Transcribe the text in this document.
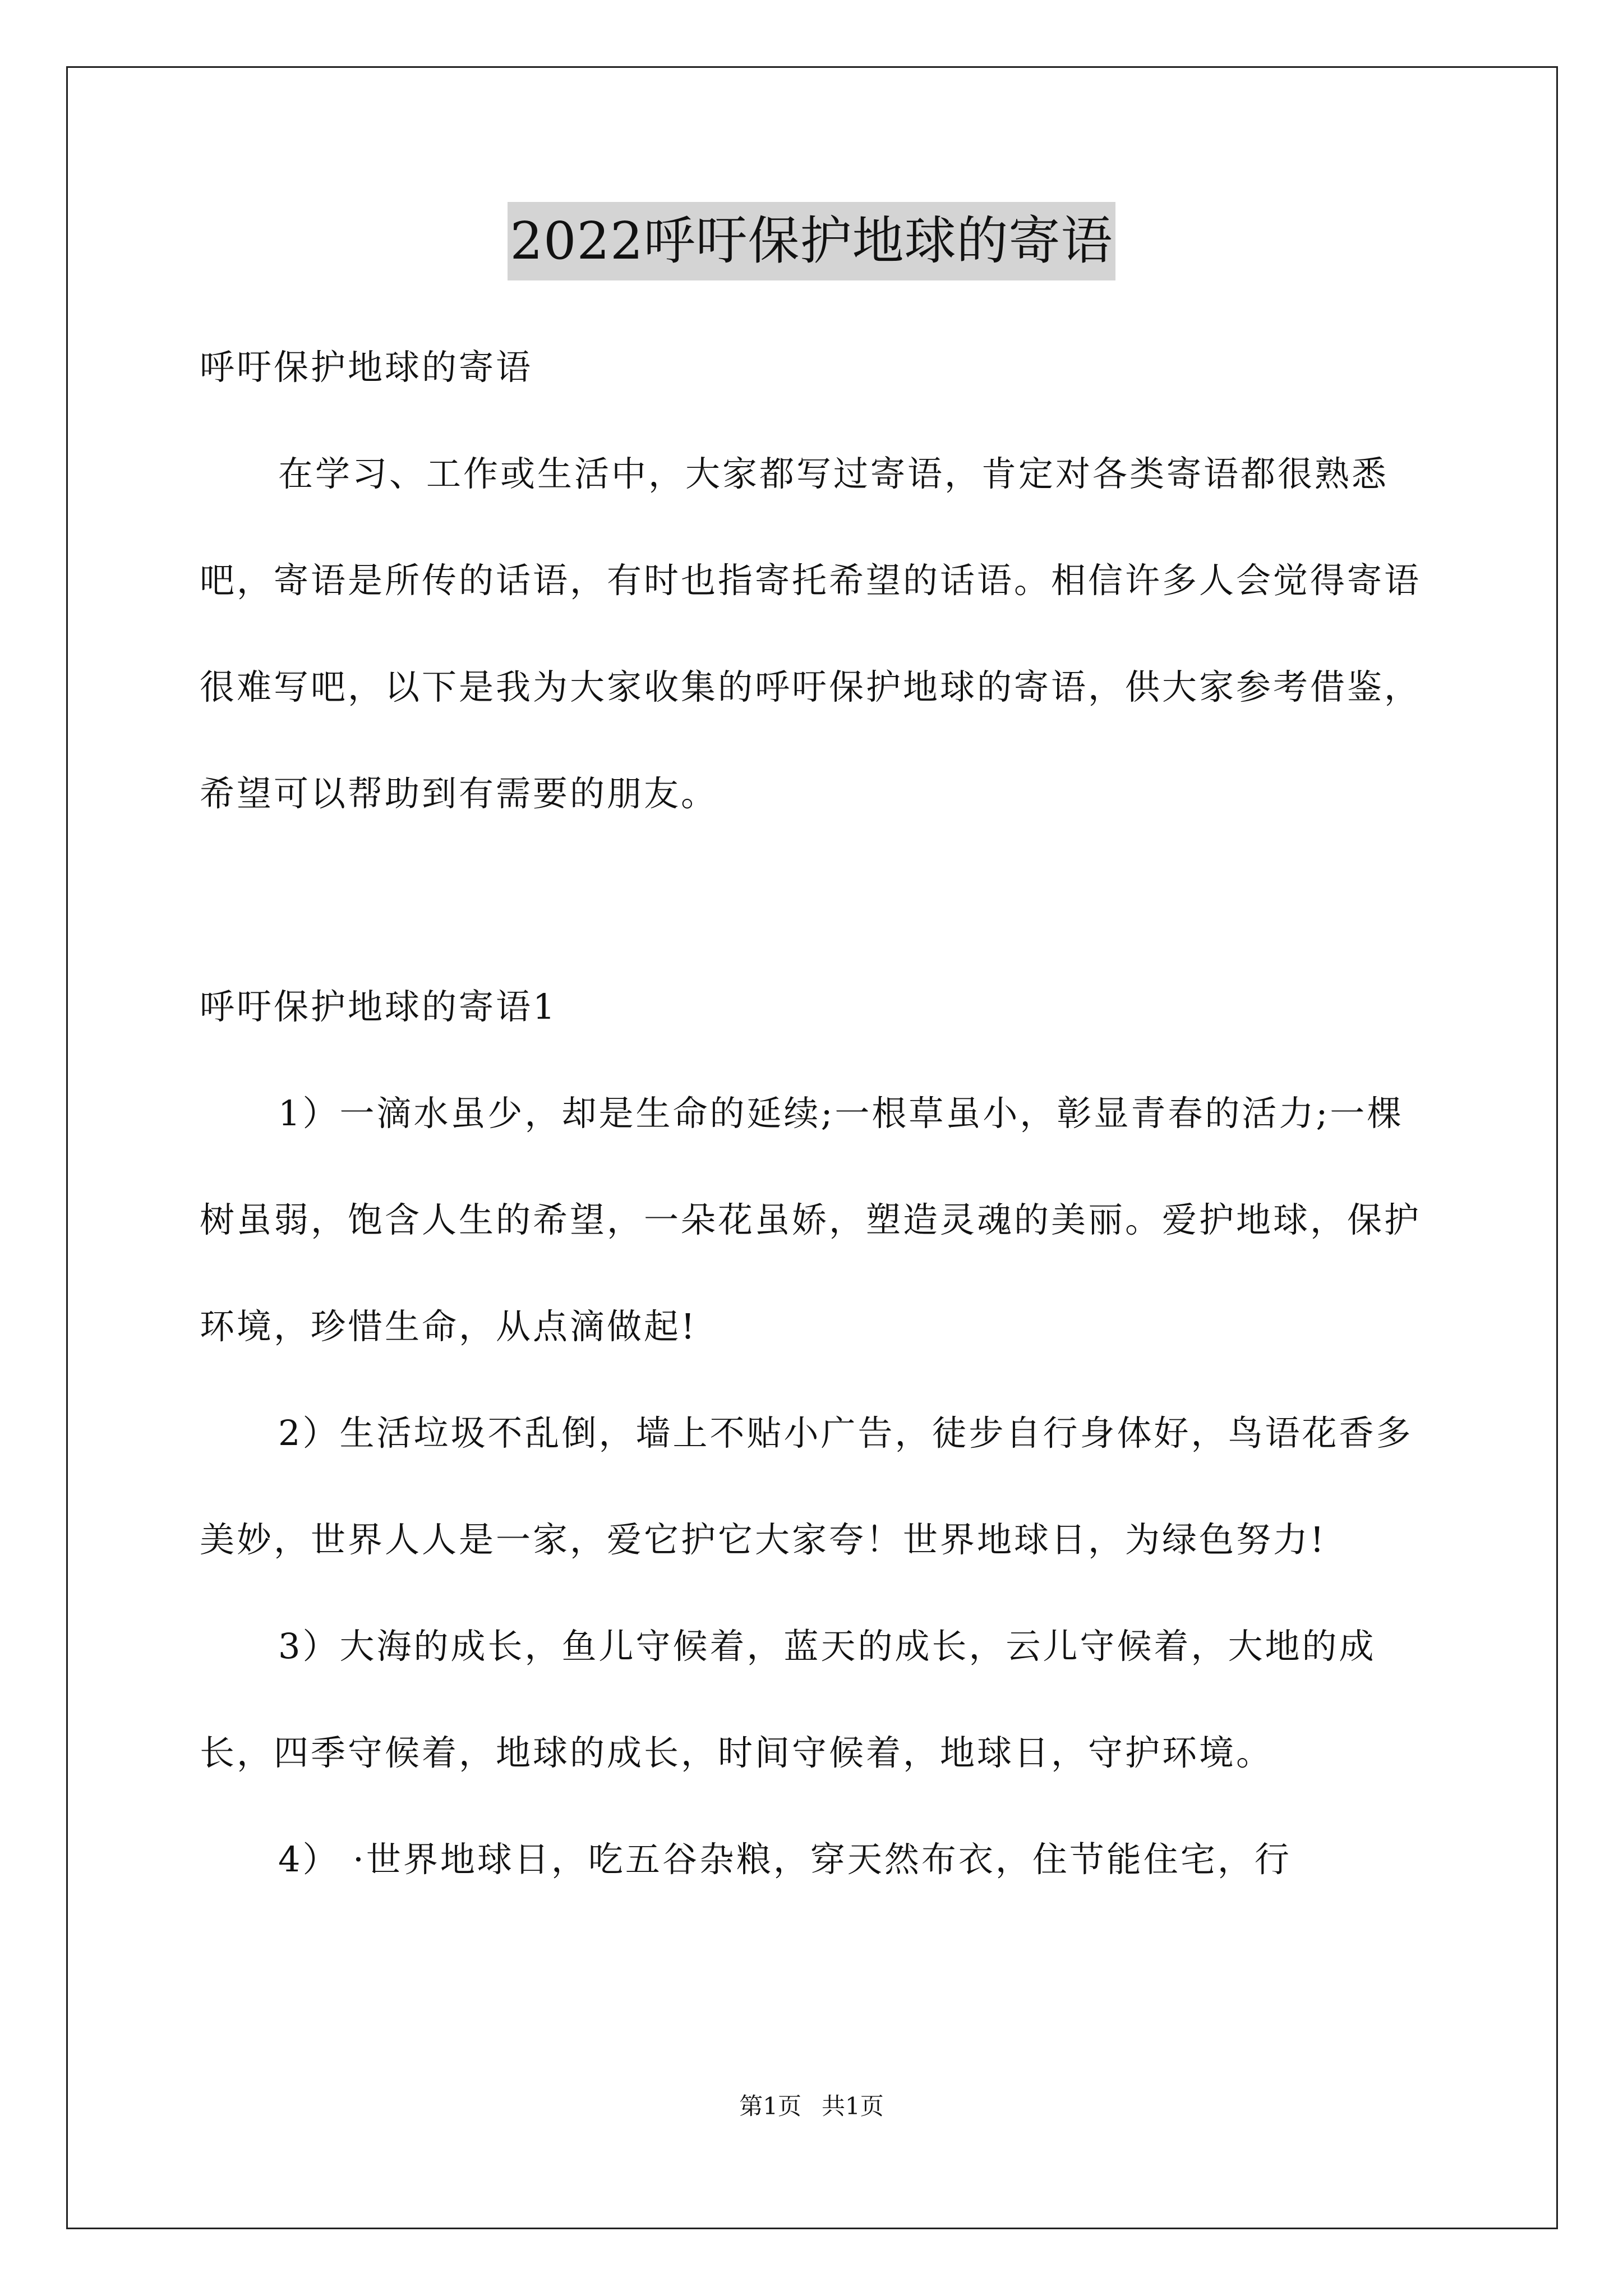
2022呼吁保护地球的寄语

呼吁保护地球的寄语

在学习、工作或生活中，大家都写过寄语，肯定对各类寄语都很熟悉吧，寄语是所传的话语，有时也指寄托希望的话语。相信许多人会觉得寄语很难写吧，以下是我为大家收集的呼吁保护地球的寄语，供大家参考借鉴，希望可以帮助到有需要的朋友。

呼吁保护地球的寄语1

1）一滴水虽少，却是生命的延续;一根草虽小，彰显青春的活力;一棵树虽弱，饱含人生的希望，一朵花虽娇，塑造灵魂的美丽。爱护地球，保护环境，珍惜生命，从点滴做起!

2）生活垃圾不乱倒，墙上不贴小广告，徒步自行身体好，鸟语花香多美妙，世界人人是一家，爱它护它大家夸！世界地球日，为绿色努力!

3）大海的成长，鱼儿守候着，蓝天的成长，云儿守候着，大地的成长，四季守候着，地球的成长，时间守候着，地球日，守护环境。

4） ·世界地球日，吃五谷杂粮，穿天然布衣，住节能住宅，行

第1页 共1页
